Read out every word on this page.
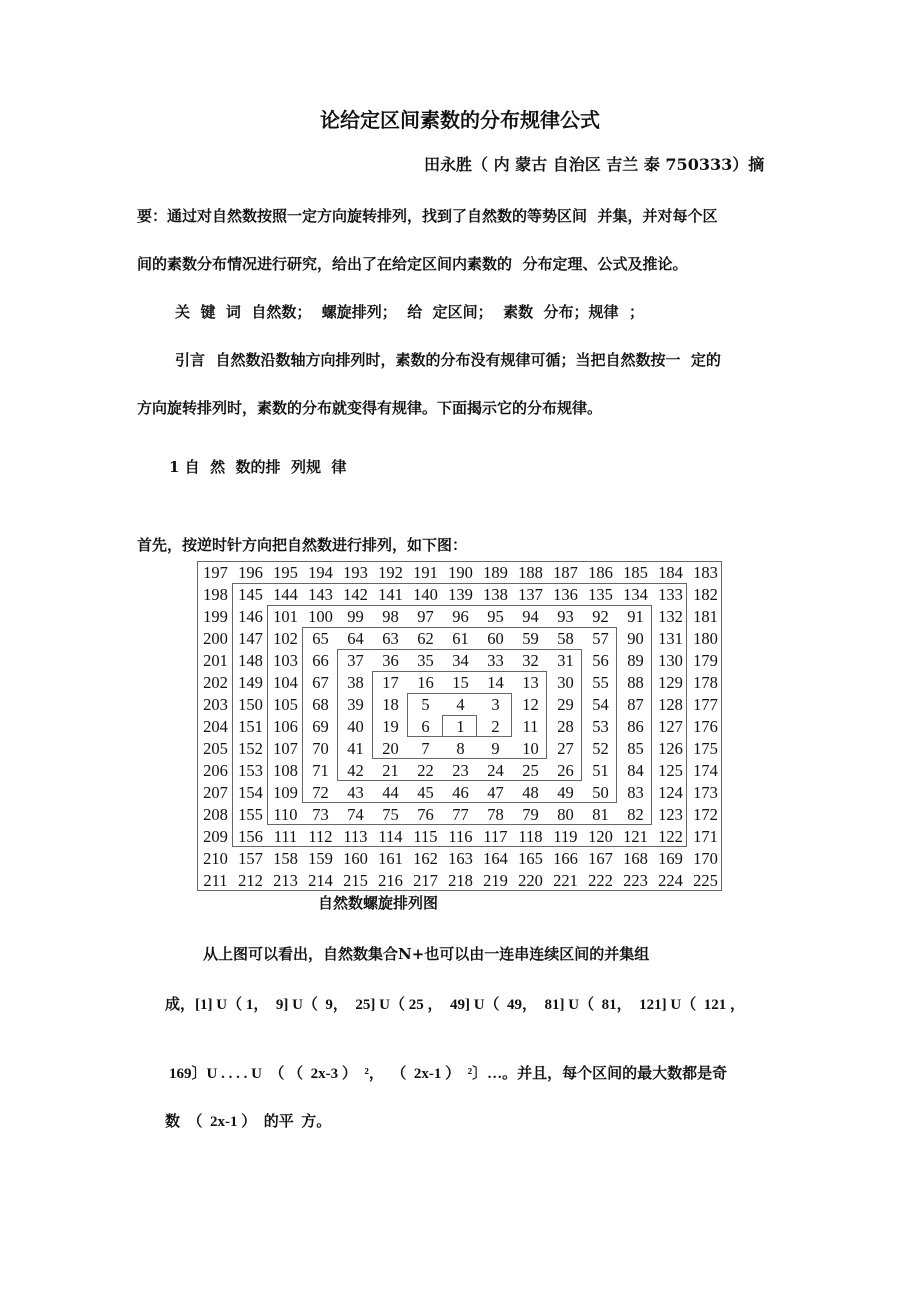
论给定区间素数的分布规律公式
田永胜（ 内 蒙古 自治区 吉兰 泰 750333）摘
要：通过对自然数按照一定方向旋转排列，找到了自然数的等势区间  并集，并对每个区
间的素数分布情况进行研究，给出了在给定区间内素数的  分布定理、公式及推论。
关  键  词  自然数；  螺旋排列；  给  定区间；  素数  分布；规律  ；
引言  自然数沿数轴方向排列时，素数的分布没有规律可循；当把自然数按一  定的
方向旋转排列时，素数的分布就变得有规律。下面揭示它的分布规律。
1 自  然  数的排  列规  律
首先，按逆时针方向把自然数进行排列，如下图：
197 196 195 194 193 192 191 190 189 188 187 186 185 184 183
198 145 144 143 142 141 140 139 138 137 136 135 134 133 182
199 146 101 100 99	98	97	96	95	94	93	92	91 132 181
200 147 102 65	64	63	62	61	60	59	58	57	90 131 180
201 148 103 66	37	36	35	34	33	32	31	56	89 130 179
202 149 104 67	38	17	16	15	14	13	30	55	88 129 178
203 150 105 68	39	18	5	4	3	12	29	54	87 128 177
204 151 106 69	40	19	6	1	2	11	28	53	86 127 176
205 152 107 70	41	20	7	8	9	10	27	52	85 126 175
206 153 108 71	42	21	22	23	24	25	26	51	84 125 174
207 154 109 72	43	44	45	46	47	48	49	50	83 124 173
208 155 110 73	74	75	76	77	78	79	80	81	82 123 172
209 156 111 112 113 114 115 116 117 118 119 120 121 122 171
210 157 158 159 160 161 162 163 164 165 166 167 168 169 170
211 212 213 214 215 216 217 218 219 220 221 222 223 224 225
自然数螺旋排列图
从上图可以看出，自然数集合N+也可以由一连串连续区间的并集组
成，[1] U（ 1，  9] U（  9，  25] U（ 25 ，  49] U（  49，  81] U（  81，  121] U（  121 ，
169〕U . . . . U  （ （  2x-3 ）  ²，  （  2x-1 ）  ²〕…。并且，每个区间的最大数都是奇
数  （  2x-1 ）  的平  方。
